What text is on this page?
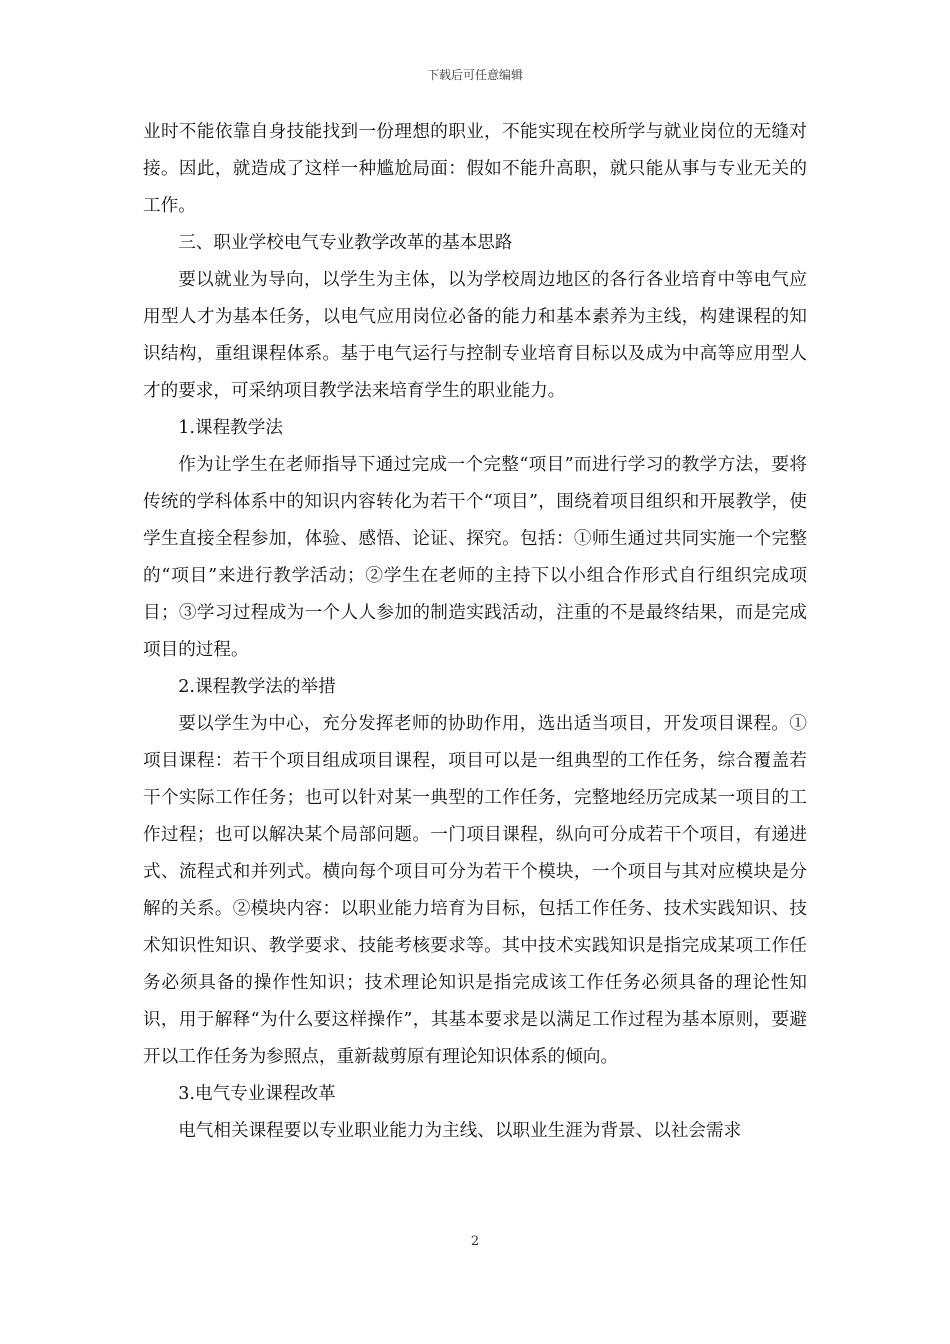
下载后可任意编辑

业时不能依靠自身技能找到一份理想的职业，不能实现在校所学与就业岗位的无缝对接。因此，就造成了这样一种尴尬局面：假如不能升高职，就只能从事与专业无关的工作。

三、职业学校电气专业教学改革的基本思路

要以就业为导向，以学生为主体，以为学校周边地区的各行各业培育中等电气应用型人才为基本任务，以电气应用岗位必备的能力和基本素养为主线，构建课程的知识结构，重组课程体系。基于电气运行与控制专业培育目标以及成为中高等应用型人才的要求，可采纳项目教学法来培育学生的职业能力。

1.课程教学法

作为让学生在老师指导下通过完成一个完整“项目”而进行学习的教学方法，要将传统的学科体系中的知识内容转化为若干个“项目”，围绕着项目组织和开展教学，使学生直接全程参加，体验、感悟、论证、探究。包括：①师生通过共同实施一个完整的“项目”来进行教学活动；②学生在老师的主持下以小组合作形式自行组织完成项目；③学习过程成为一个人人参加的制造实践活动，注重的不是最终结果，而是完成项目的过程。

2.课程教学法的举措

要以学生为中心，充分发挥老师的协助作用，选出适当项目，开发项目课程。①项目课程：若干个项目组成项目课程，项目可以是一组典型的工作任务，综合覆盖若干个实际工作任务；也可以针对某一典型的工作任务，完整地经历完成某一项目的工作过程；也可以解决某个局部问题。一门项目课程，纵向可分成若干个项目，有递进式、流程式和并列式。横向每个项目可分为若干个模块，一个项目与其对应模块是分解的关系。②模块内容：以职业能力培育为目标，包括工作任务、技术实践知识、技术知识性知识、教学要求、技能考核要求等。其中技术实践知识是指完成某项工作任务必须具备的操作性知识；技术理论知识是指完成该工作任务必须具备的理论性知识，用于解释“为什么要这样操作”，其基本要求是以满足工作过程为基本原则，要避开以工作任务为参照点，重新裁剪原有理论知识体系的倾向。

3.电气专业课程改革

电气相关课程要以专业职业能力为主线、以职业生涯为背景、以社会需求

2
